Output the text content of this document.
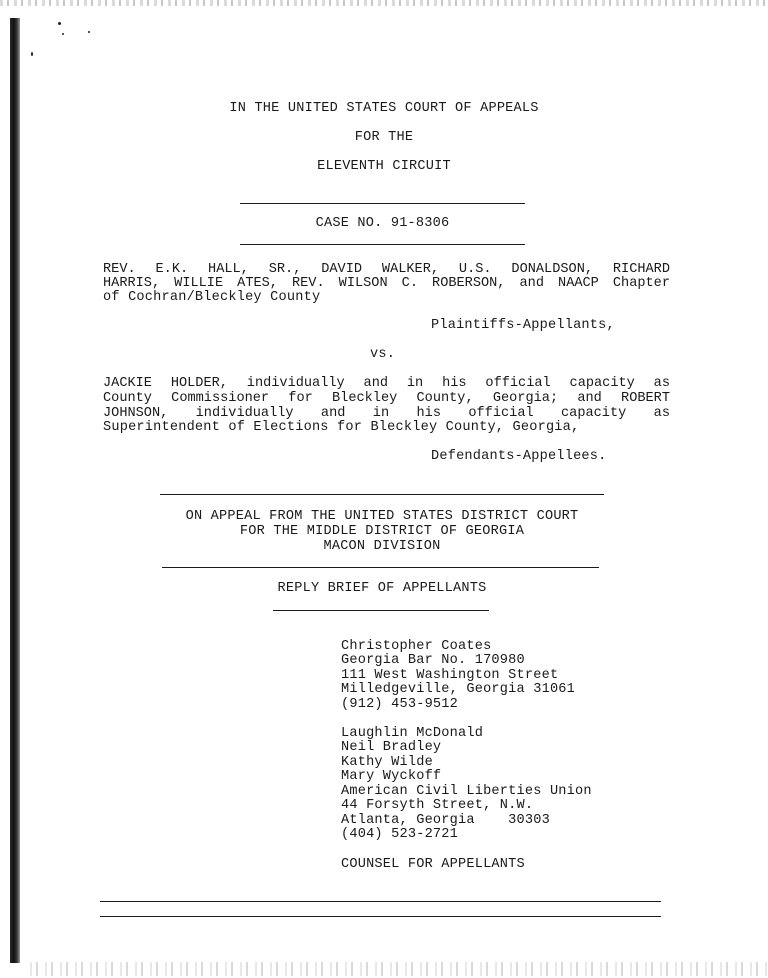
IN THE UNITED STATES COURT OF APPEALS
FOR THE
ELEVENTH CIRCUIT
CASE NO. 91-8306
REV. E.K. HALL, SR., DAVID WALKER, U.S. DONALDSON, RICHARD
HARRIS, WILLIE ATES, REV. WILSON C. ROBERSON, and NAACP Chapter
of Cochran/Bleckley County
Plaintiffs-Appellants,
vs.
JACKIE HOLDER, individually and in his official capacity as
County Commissioner for Bleckley County, Georgia; and ROBERT
JOHNSON, individually and in his official capacity as
Superintendent of Elections for Bleckley County, Georgia,
Defendants-Appellees.
ON APPEAL FROM THE UNITED STATES DISTRICT COURT
FOR THE MIDDLE DISTRICT OF GEORGIA
MACON DIVISION
REPLY BRIEF OF APPELLANTS
Christopher Coates
Georgia Bar No. 170980
111 West Washington Street
Milledgeville, Georgia 31061
(912) 453-9512
Laughlin McDonald
Neil Bradley
Kathy Wilde
Mary Wyckoff
American Civil Liberties Union
44 Forsyth Street, N.W.
Atlanta, Georgia    30303
(404) 523-2721
COUNSEL FOR APPELLANTS
